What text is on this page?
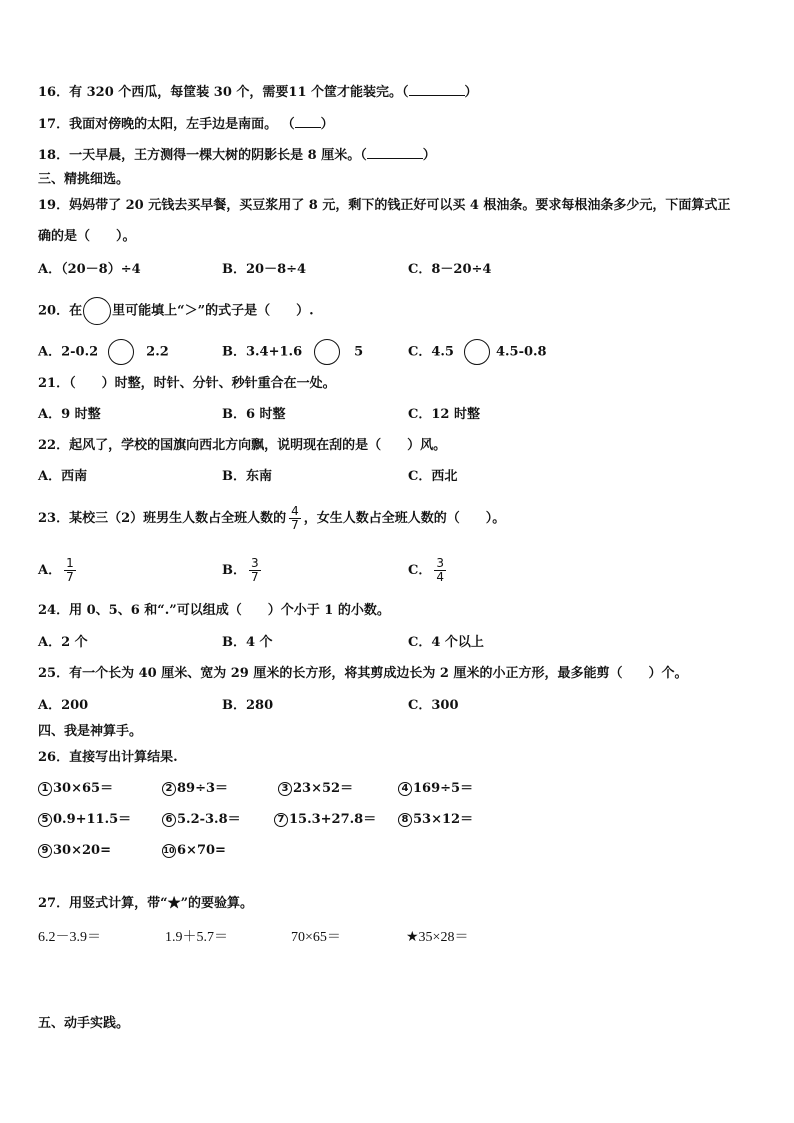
16．有 320 个西瓜，每筐装 30 个，需要11 个筐才能装完。（	）
17．我面对傍晚的太阳，左手边是南面。 （ ）
18．一天早晨，王方测得一棵大树的阴影长是 8 厘米。（	）
三、精挑细选。
19．妈妈带了 20 元钱去买早餐，买豆浆用了 8 元，剩下的钱正好可以买 4 根油条。要求每根油条多少元，下面算式正
确的是（　　）。
A．（20－8）÷4	B．20－8÷4	C．8－20÷4
20．在 里可能填上“＞”的式子是（　　）.
A．2-0.2	2.2	B．3.4+1.6	5	C．4.5	4.5-0.8
21．（　　）时整，时针、分针、秒针重合在一处。
A．9 时整	B．6 时整	C．12 时整
22．起风了，学校的国旗向西北方向飘，说明现在刮的是（　　）风。
A．西南	B．东南	C．西北
23．某校三（2）班男生人数占全班人数的 $\frac{4}{7}$ ，女生人数占全班人数的（　　）。
A． $\frac{1}{7}$	B． $\frac{3}{7}$	C． $\frac{3}{4}$
24．用 0、5、6 和“.”可以组成（　　）个小于 1 的小数。
A．2 个	B．4 个	C．4 个以上
25．有一个长为 40 厘米、宽为 29 厘米的长方形，将其剪成边长为 2 厘米的小正方形，最多能剪（　　）个。
A．200	B．280	C．300
四、我是神算手。
26．直接写出计算结果.
1 30×65＝	2 89÷3＝	3 23×52＝	4 169÷5＝
5 0.9+11.5＝	6 5.2-3.8＝	7 15.3+27.8＝	8 53×12＝
9 30×20=	10 6×70=
27．用竖式计算，带“★”的要验算。
6.2－3.9＝	1.9＋5.7＝	70×65＝	★35×28＝
五、动手实践。
